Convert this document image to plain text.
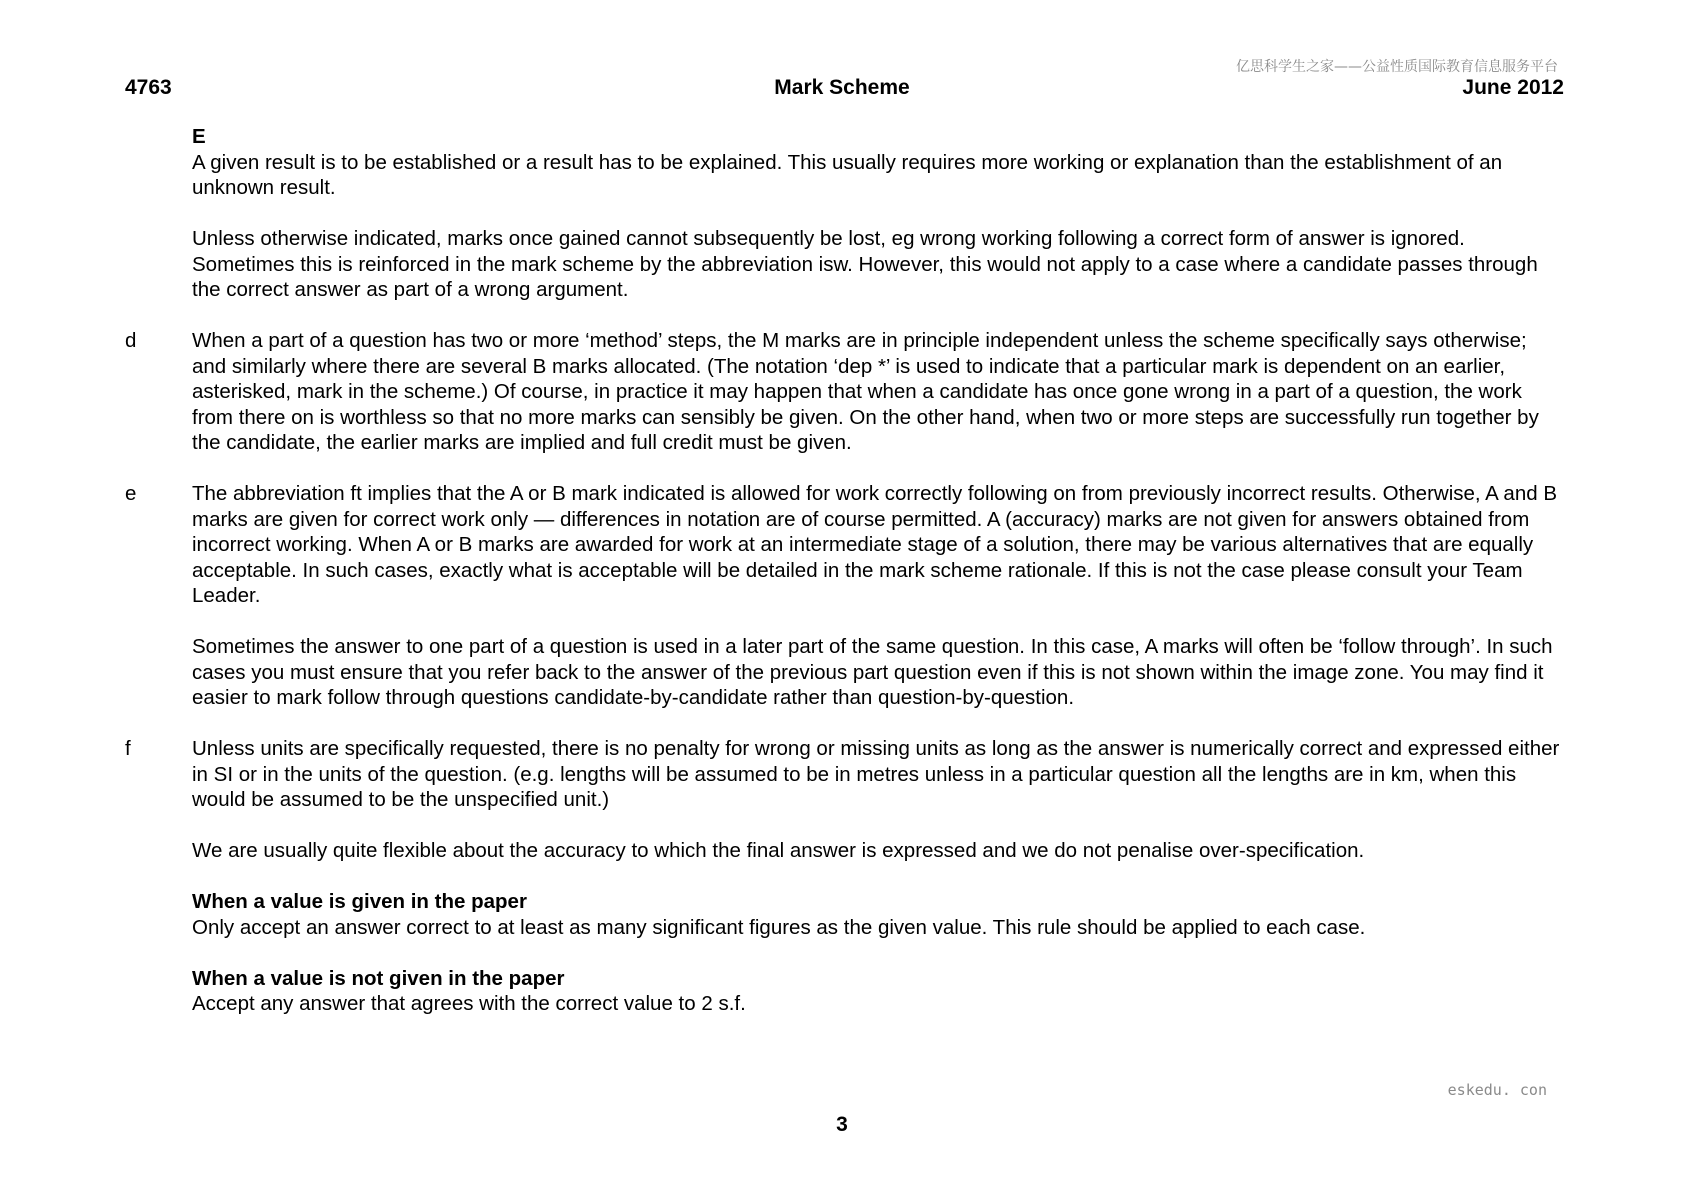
亿思科学生之家——公益性质国际教育信息服务平台
4763	Mark Scheme	June 2012

E

A given result is to be established or a result has to be explained. This usually requires more working or explanation than the establishment of an unknown result.

Unless otherwise indicated, marks once gained cannot subsequently be lost, eg wrong working following a correct form of answer is ignored. Sometimes this is reinforced in the mark scheme by the abbreviation isw. However, this would not apply to a case where a candidate passes through the correct answer as part of a wrong argument.

d	When a part of a question has two or more ‘method’ steps, the M marks are in principle independent unless the scheme specifically says otherwise; and similarly where there are several B marks allocated. (The notation ‘dep *’ is used to indicate that a particular mark is dependent on an earlier, asterisked, mark in the scheme.) Of course, in practice it may happen that when a candidate has once gone wrong in a part of a question, the work from there on is worthless so that no more marks can sensibly be given. On the other hand, when two or more steps are successfully run together by the candidate, the earlier marks are implied and full credit must be given.

e	The abbreviation ft implies that the A or B mark indicated is allowed for work correctly following on from previously incorrect results. Otherwise, A and B marks are given for correct work only — differences in notation are of course permitted. A (accuracy) marks are not given for answers obtained from incorrect working. When A or B marks are awarded for work at an intermediate stage of a solution, there may be various alternatives that are equally acceptable. In such cases, exactly what is acceptable will be detailed in the mark scheme rationale. If this is not the case please consult your Team Leader.

Sometimes the answer to one part of a question is used in a later part of the same question. In this case, A marks will often be ‘follow through’. In such cases you must ensure that you refer back to the answer of the previous part question even if this is not shown within the image zone. You may find it easier to mark follow through questions candidate-by-candidate rather than question-by-question.

f	Unless units are specifically requested, there is no penalty for wrong or missing units as long as the answer is numerically correct and expressed either in SI or in the units of the question. (e.g. lengths will be assumed to be in metres unless in a particular question all the lengths are in km, when this would be assumed to be the unspecified unit.)

We are usually quite flexible about the accuracy to which the final answer is expressed and we do not penalise over-specification.

When a value is given in the paper

Only accept an answer correct to at least as many significant figures as the given value. This rule should be applied to each case.

When a value is not given in the paper

Accept any answer that agrees with the correct value to 2 s.f.

eskedu. con
3
